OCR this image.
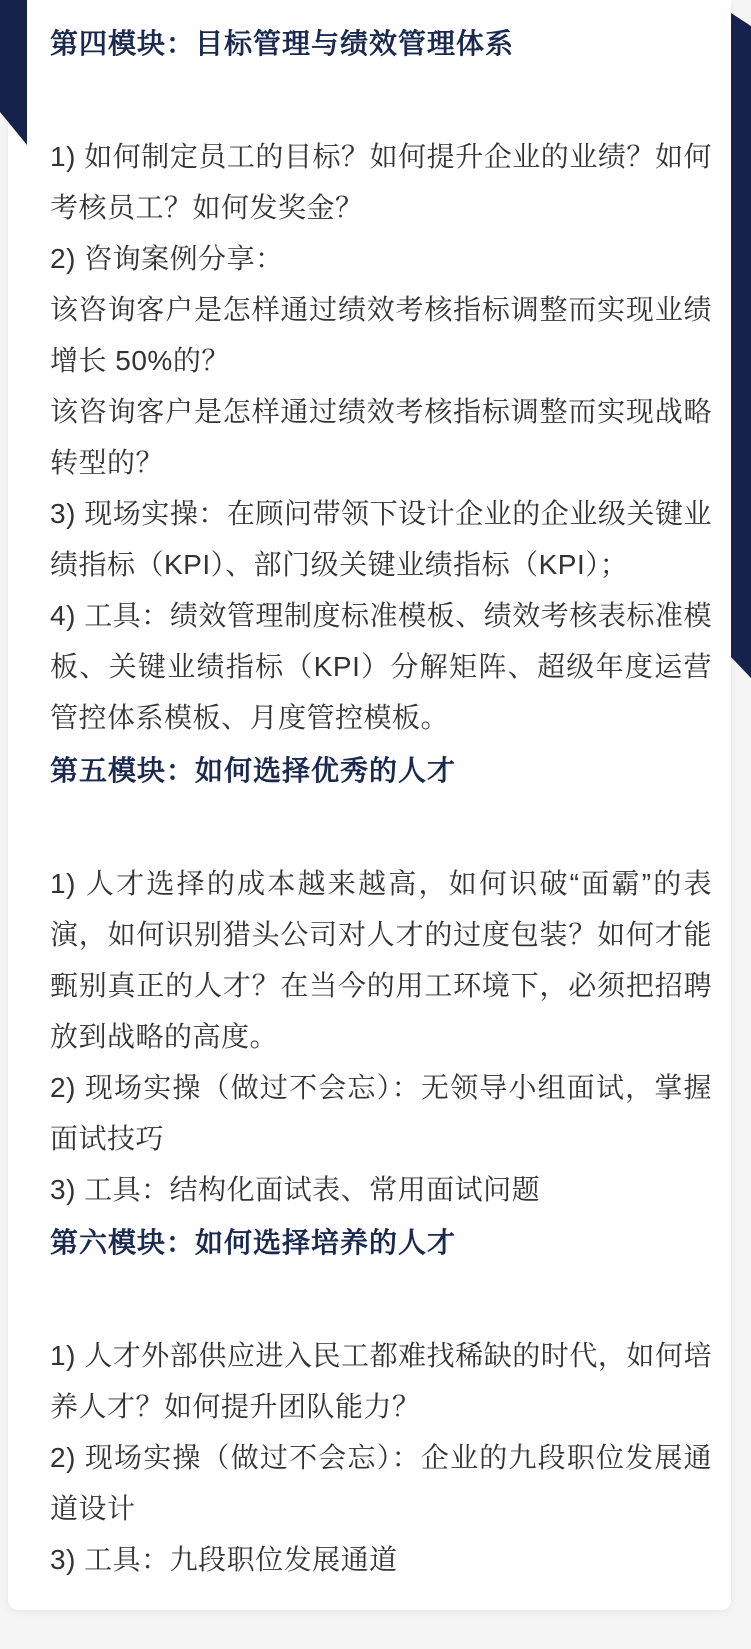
第四模块：目标管理与绩效管理体系

1) 如何制定员工的目标？如何提升企业的业绩？如何考核员工？如何发奖金？

2) 咨询案例分享：

该咨询客户是怎样通过绩效考核指标调整而实现业绩增长 50%的？

该咨询客户是怎样通过绩效考核指标调整而实现战略转型的？

3) 现场实操：在顾问带领下设计企业的企业级关键业绩指标（KPI）、部门级关键业绩指标（KPI）；

4) 工具：绩效管理制度标准模板、绩效考核表标准模板、关键业绩指标（KPI）分解矩阵、超级年度运营管控体系模板、月度管控模板。

第五模块：如何选择优秀的人才

1) 人才选择的成本越来越高，如何识破“面霸”的表演，如何识别猎头公司对人才的过度包装？如何才能甄别真正的人才？在当今的用工环境下，必须把招聘放到战略的高度。

2) 现场实操（做过不会忘）：无领导小组面试，掌握面试技巧

3) 工具：结构化面试表、常用面试问题

第六模块：如何选择培养的人才

1) 人才外部供应进入民工都难找稀缺的时代，如何培养人才？如何提升团队能力？

2) 现场实操（做过不会忘）：企业的九段职位发展通道设计

3) 工具：九段职位发展通道
